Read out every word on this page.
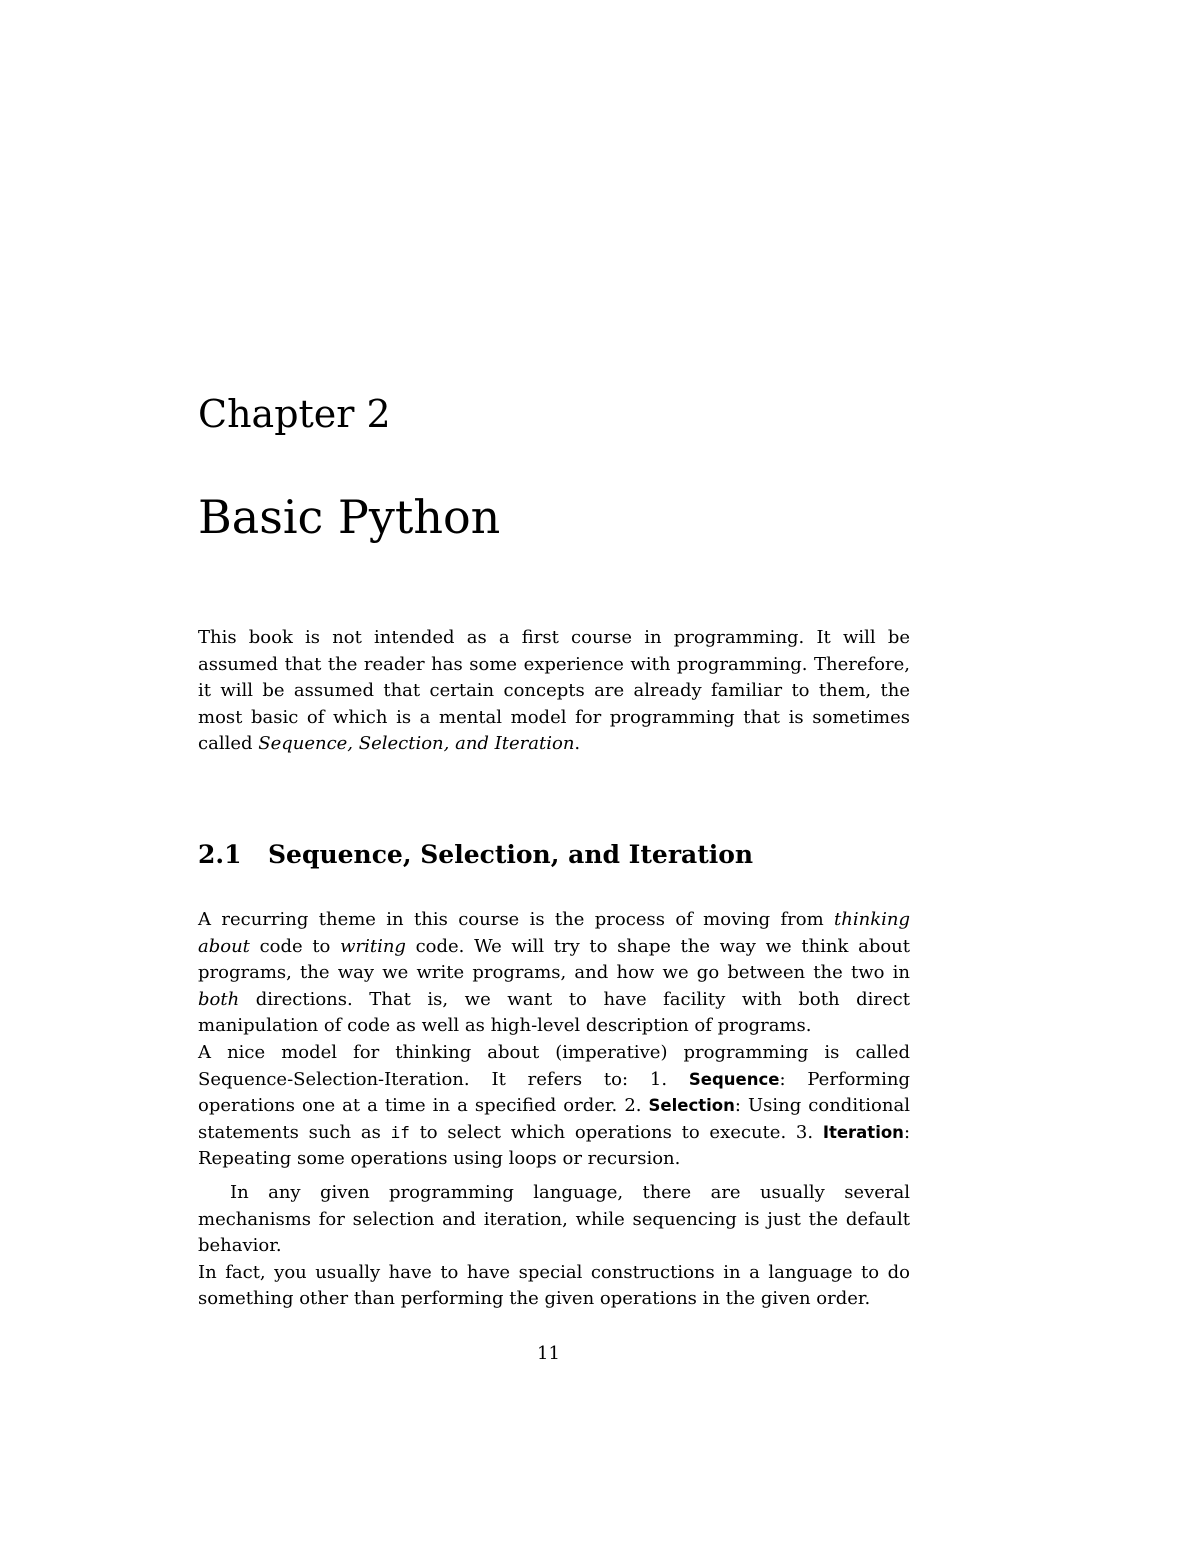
Chapter 2
Basic Python

This book is not intended as a first course in programming. It will be assumed that the reader has some experience with programming. Therefore, it will be assumed that certain concepts are already familiar to them, the most basic of which is a mental model for programming that is sometimes called Sequence, Selection, and Iteration.

2.1 Sequence, Selection, and Iteration

A recurring theme in this course is the process of moving from thinking about code to writing code. We will try to shape the way we think about programs, the way we write programs, and how we go between the two in both directions. That is, we want to have facility with both direct manipulation of code as well as high-level description of programs.

A nice model for thinking about (imperative) programming is called Sequence-Selection-Iteration. It refers to: 1. Sequence: Performing operations one at a time in a specified order. 2. Selection: Using conditional statements such as if to select which operations to execute. 3. Iteration: Repeating some operations using loops or recursion.

In any given programming language, there are usually several mechanisms for selection and iteration, while sequencing is just the default behavior.

In fact, you usually have to have special constructions in a language to do something other than performing the given operations in the given order.

11
